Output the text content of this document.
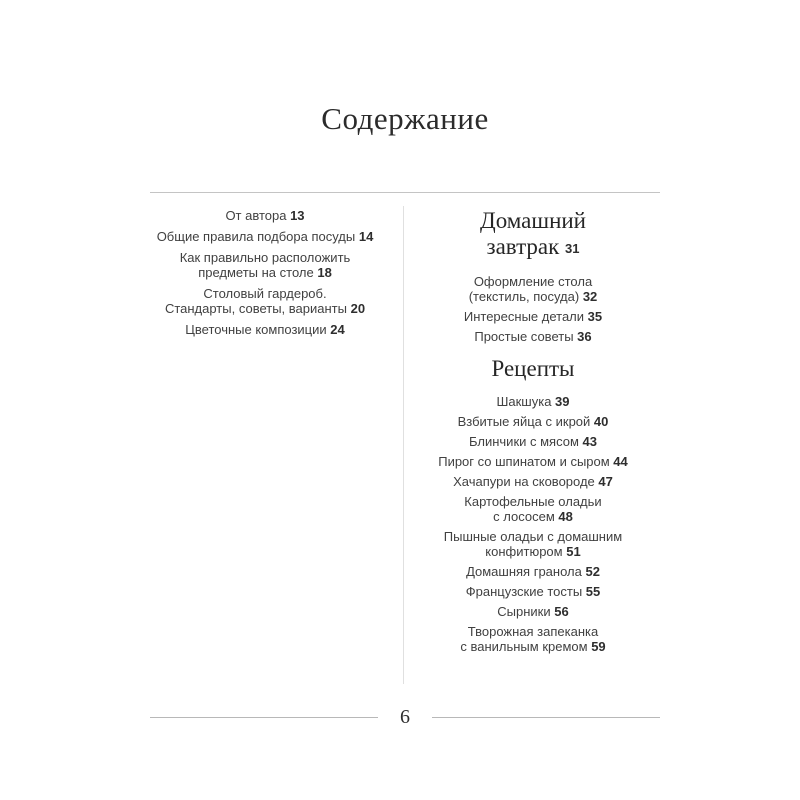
Содержание
От автора 13
Общие правила подбора посуды 14
Как правильно расположить
предметы на столе 18
Столовый гардероб.
Стандарты, советы, варианты 20
Цветочные композиции 24
Домашний
завтрак 31
Оформление стола
(текстиль, посуда) 32
Интересные детали 35
Простые советы 36
Рецепты
Шакшука 39
Взбитые яйца с икрой 40
Блинчики с мясом 43
Пирог со шпинатом и сыром 44
Хачапури на сковороде 47
Картофельные оладьи
с лососем 48
Пышные оладьи с домашним
конфитюром 51
Домашняя гранола 52
Французские тосты 55
Сырники 56
Творожная запеканка
с ванильным кремом 59
6
